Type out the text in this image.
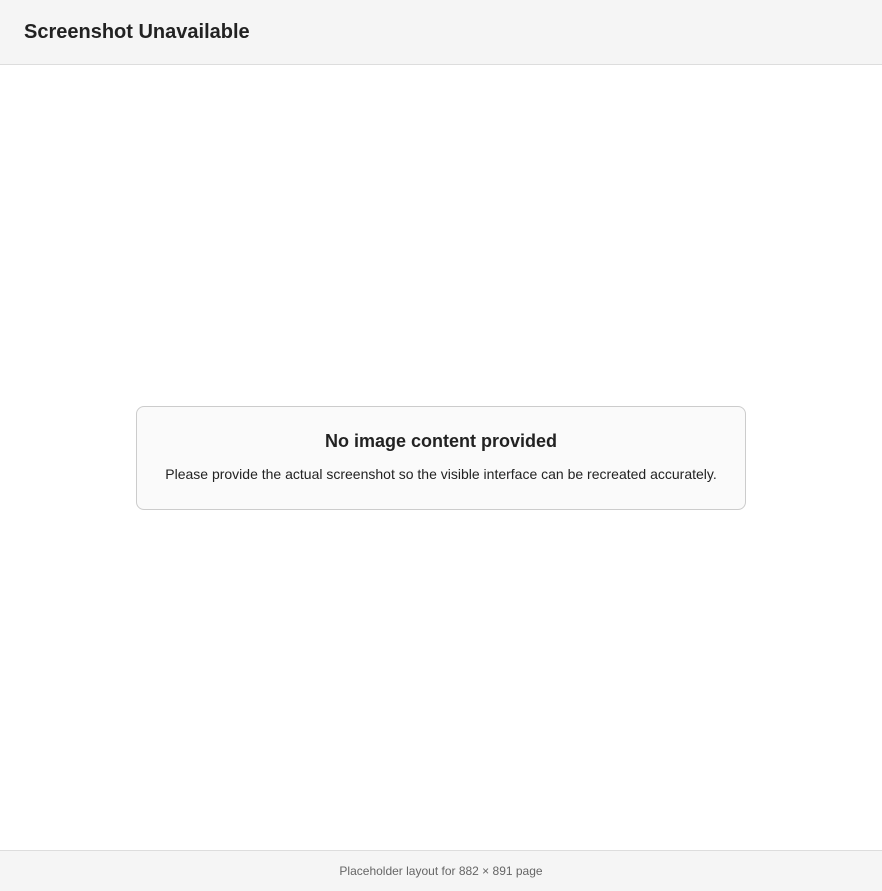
Screenshot Unavailable
No image content provided
Please provide the actual screenshot so the visible interface can be recreated accurately.
Placeholder layout for 882 × 891 page
